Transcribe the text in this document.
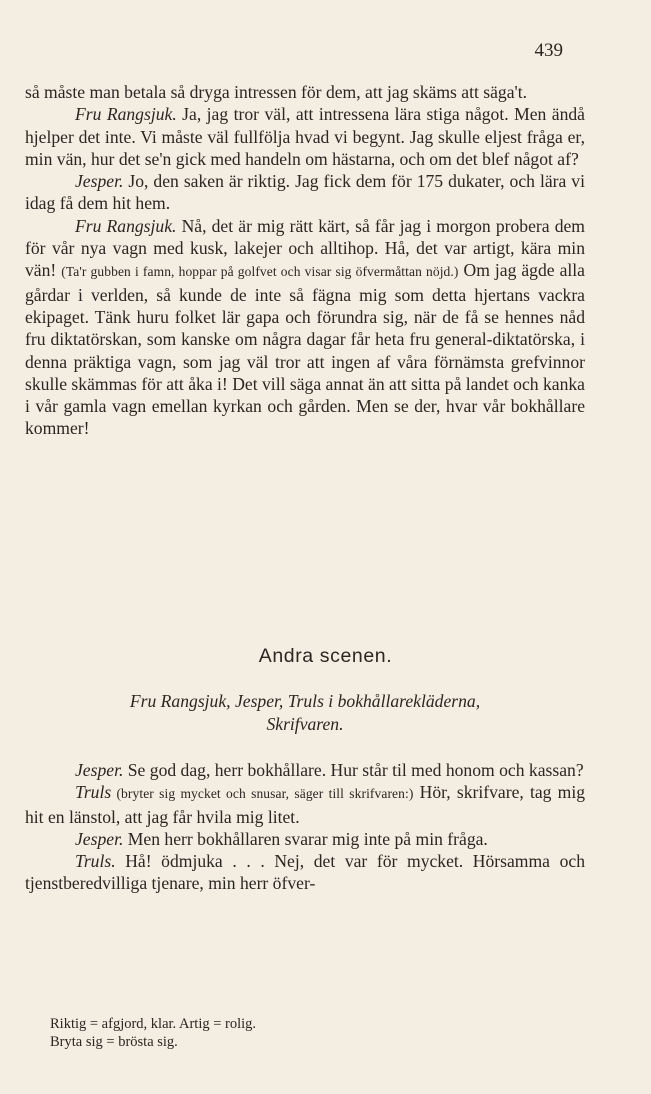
439

så måste man betala så dryga intressen för dem, att jag skäms att säga't.

Fru Rangsjuk. Ja, jag tror väl, att intressena lära stiga något. Men ändå hjelper det inte. Vi måste väl fullfölja hvad vi begynt. Jag skulle eljest fråga er, min vän, hur det se'n gick med handeln om hästarna, och om det blef något af?

Jesper. Jo, den saken är riktig. Jag fick dem för 175 dukater, och lära vi idag få dem hit hem.

Fru Rangsjuk. Nå, det är mig rätt kärt, så får jag i morgon probera dem för vår nya vagn med kusk, lakejer och alltihop. Hå, det var artigt, kära min vän! (Ta'r gubben i famn, hoppar på golfvet och visar sig öfvermåttan nöjd.) Om jag ägde alla gårdar i verlden, så kunde de inte så fägna mig som detta hjertans vackra ekipaget. Tänk huru folket lär gapa och förundra sig, när de få se hennes nåd fru diktatörskan, som kanske om några dagar får heta fru general-diktatörska, i denna präktiga vagn, som jag väl tror att ingen af våra förnämsta grefvinnor skulle skämmas för att åka i! Det vill säga annat än att sitta på landet och kanka i vår gamla vagn emellan kyrkan och gården. Men se der, hvar vår bokhållare kommer!

Andra scenen.
Fru Rangsjuk, Jesper, Truls i bokhållarekläderna,
Skrifvaren.

Jesper. Se god dag, herr bokhållare. Hur står til med honom och kassan?

Truls (bryter sig mycket och snusar, säger till skrifvaren:) Hör, skrifvare, tag mig hit en länstol, att jag får hvila mig litet.

Jesper. Men herr bokhållaren svarar mig inte på min fråga.

Truls. Hå! ödmjuka . . . Nej, det var för mycket. Hörsamma och tjenstberedvilliga tjenare, min herr öfver-

Riktig = afgjord, klar. Artig = rolig.

Bryta sig = brösta sig.
